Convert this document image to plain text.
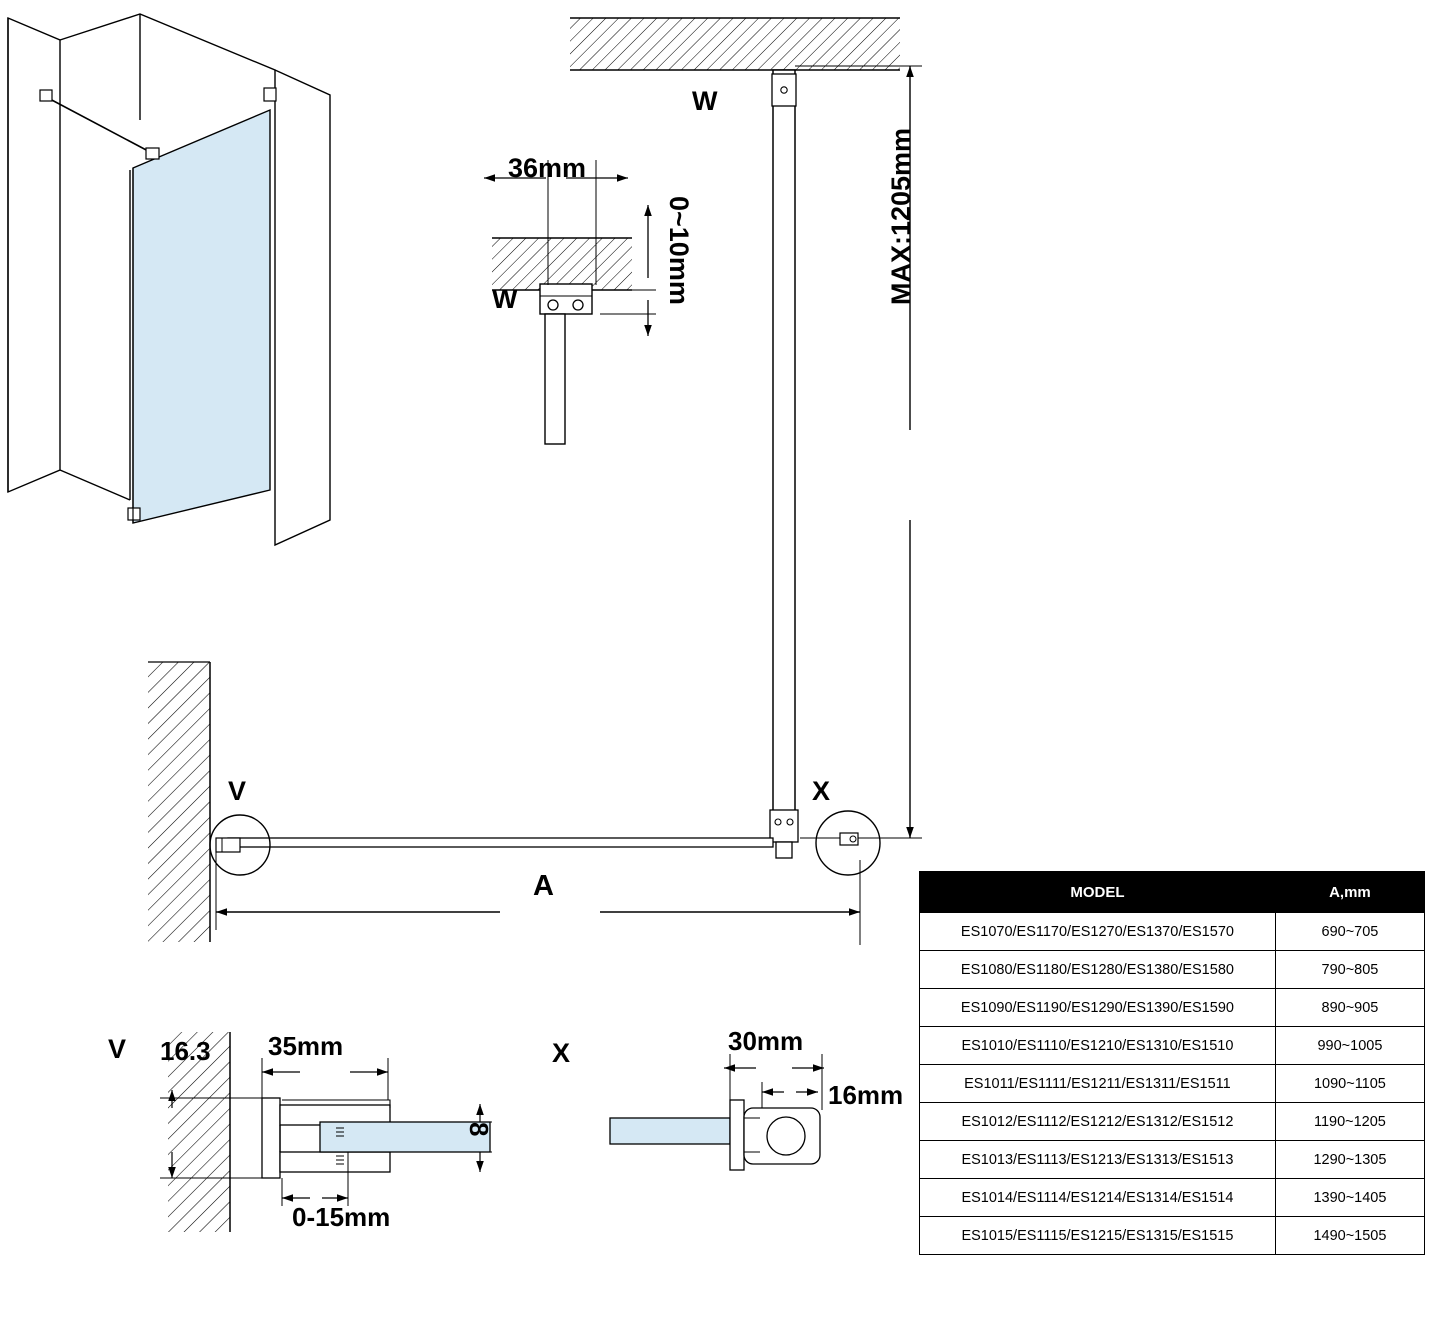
36mm
0~10mm
W
W	MAX:1205mm
V	X
A
V 16.3 35mm
8
0-15mm
X	30mm
16mm
MODEL	A,mm
ES1070/ES1170/ES1270/ES1370/ES1570	690~705
ES1080/ES1180/ES1280/ES1380/ES1580	790~805
ES1090/ES1190/ES1290/ES1390/ES1590	890~905
ES1010/ES1110/ES1210/ES1310/ES1510	990~1005
ES1011/ES1111/ES1211/ES1311/ES1511	1090~1105
ES1012/ES1112/ES1212/ES1312/ES1512	1190~1205
ES1013/ES1113/ES1213/ES1313/ES1513	1290~1305
ES1014/ES1114/ES1214/ES1314/ES1514	1390~1405
ES1015/ES1115/ES1215/ES1315/ES1515	1490~1505
